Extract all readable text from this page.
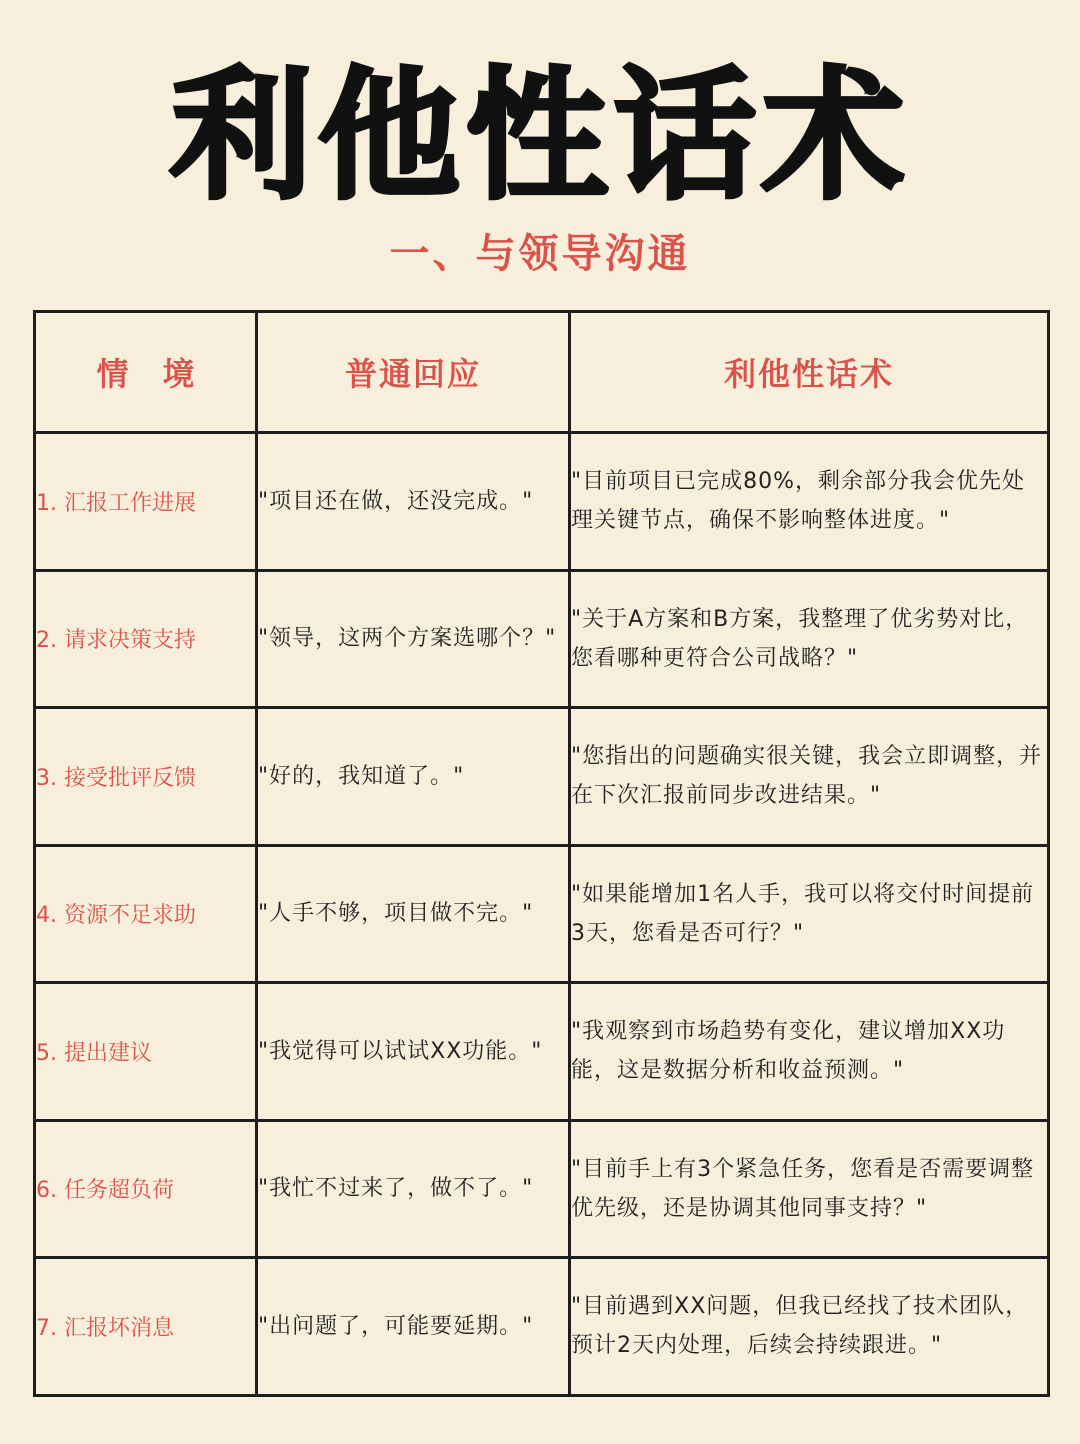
利他性话术
一、与领导沟通
情 境	普通回应	利他性话术
1. 汇报工作进展	"项目还在做，还没完成。"	"目前项目已完成80%，剩余部分我会优先处理关键节点，确保不影响整体进度。"
2. 请求决策支持	"领导，这两个方案选哪个？"	"关于A方案和B方案，我整理了优劣势对比，您看哪种更符合公司战略？"
3. 接受批评反馈	"好的，我知道了。"	"您指出的问题确实很关键，我会立即调整，并在下次汇报前同步改进结果。"
4. 资源不足求助	"人手不够，项目做不完。"	"如果能增加1名人手，我可以将交付时间提前3天，您看是否可行？"
5. 提出建议	"我觉得可以试试XX功能。"	"我观察到市场趋势有变化，建议增加XX功能，这是数据分析和收益预测。"
6. 任务超负荷	"我忙不过来了，做不了。"	"目前手上有3个紧急任务，您看是否需要调整优先级，还是协调其他同事支持？"
7. 汇报坏消息	"出问题了，可能要延期。"	"目前遇到XX问题，但我已经找了技术团队，预计2天内处理，后续会持续跟进。"
